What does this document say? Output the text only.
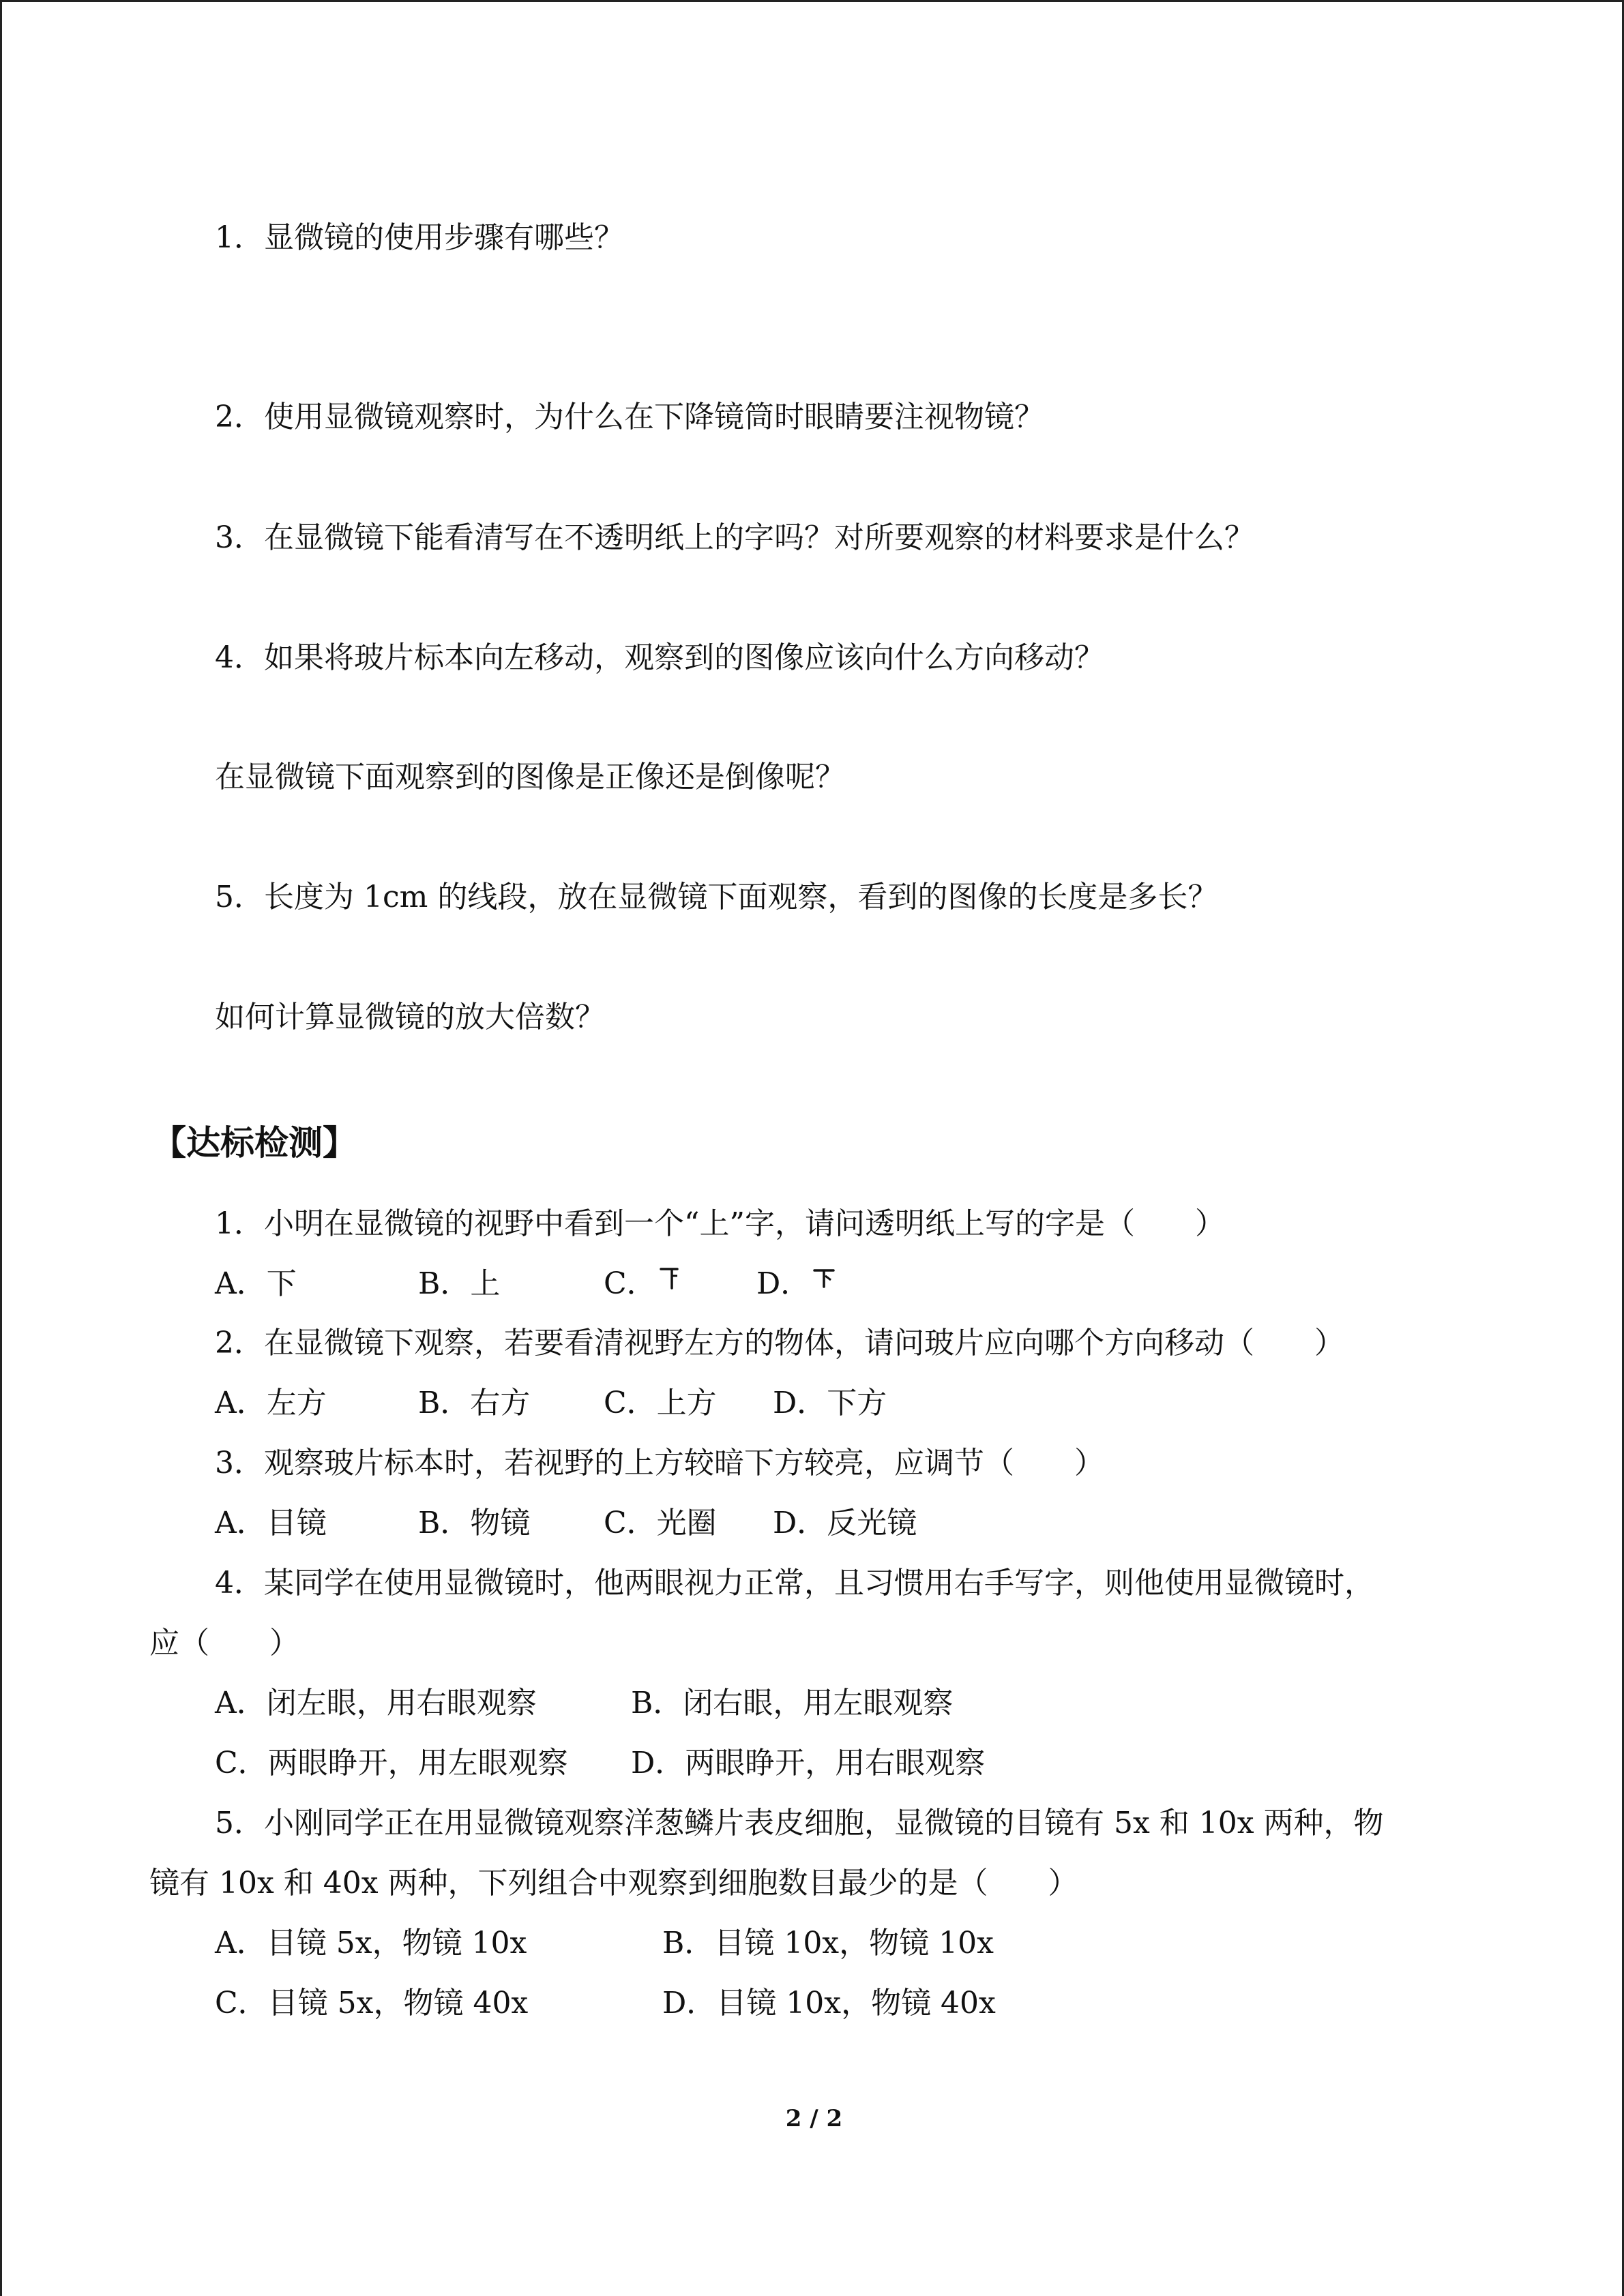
1．显微镜的使用步骤有哪些？
2．使用显微镜观察时，为什么在下降镜筒时眼睛要注视物镜？
3．在显微镜下能看清写在不透明纸上的字吗？对所要观察的材料要求是什么？
4．如果将玻片标本向左移动，观察到的图像应该向什么方向移动？
在显微镜下面观察到的图像是正像还是倒像呢？
5．长度为 1cm 的线段，放在显微镜下面观察，看到的图像的长度是多长？
如何计算显微镜的放大倍数？
【达标检测】
1．小明在显微镜的视野中看到一个“上”字，请问透明纸上写的字是（　　）
A．下	B．上	C．	D．
2．在显微镜下观察，若要看清视野左方的物体，请问玻片应向哪个方向移动（　　）
A．左方	B．右方 C．上方 D．下方
3．观察玻片标本时，若视野的上方较暗下方较亮，应调节（　　）
A．目镜	B．物镜 C．光圈 D．反光镜
4．某同学在使用显微镜时，他两眼视力正常，且习惯用右手写字，则他使用显微镜时，
应（　　）
A．闭左眼，用右眼观察	B．闭右眼，用左眼观察
C．两眼睁开，用左眼观察 D．两眼睁开，用右眼观察
5．小刚同学正在用显微镜观察洋葱鳞片表皮细胞，显微镜的目镜有 5x 和 10x 两种，物
镜有 10x 和 40x 两种，下列组合中观察到细胞数目最少的是（　　）
A．目镜 5x，物镜 10x	B．目镜 10x，物镜 10x
C．目镜 5x，物镜 40x	D．目镜 10x，物镜 40x
2 / 2
